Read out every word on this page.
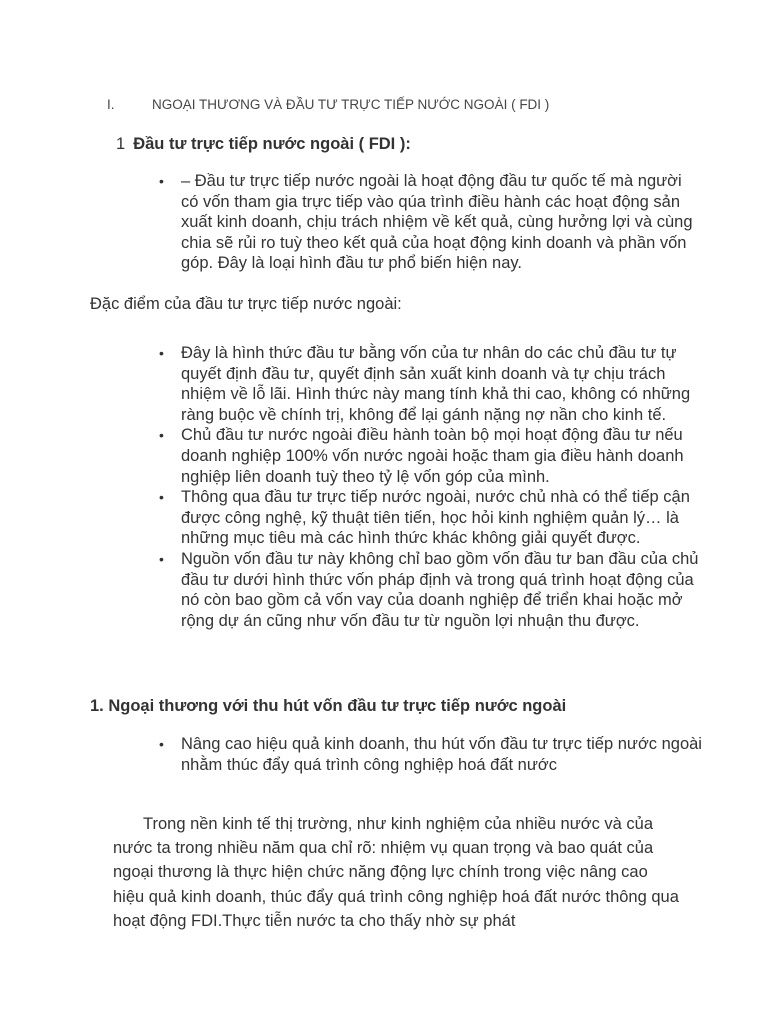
I.	NGOẠI THƯƠNG VÀ ĐẦU TƯ TRỰC TIẾP NƯỚC NGOÀI ( FDI )
1 Đầu tư trực tiếp nước ngoài ( FDI ):
• – Đầu tư trực tiếp nước ngoài là hoạt động đầu tư quốc tế mà người có vốn tham gia trực tiếp vào qúa trình điều hành các hoạt động sản xuất kinh doanh, chịu trách nhiệm về kết quả, cùng hưởng lợi và cùng chia sẽ rủi ro tuỳ theo kết quả của hoạt động kinh doanh và phần vốn góp. Đây là loại hình đầu tư phổ biến hiện nay.
Đặc điểm của đầu tư trực tiếp nước ngoài:
• Đây là hình thức đầu tư bằng vốn của tư nhân do các chủ đầu tư tự quyết định đầu tư, quyết định sản xuất kinh doanh và tự chịu trách nhiệm về lỗ lãi. Hình thức này mang tính khả thi cao, không có những ràng buộc về chính trị, không để lại gánh nặng nợ nần cho kinh tế.
• Chủ đầu tư nước ngoài điều hành toàn bộ mọi hoạt động đầu tư nếu doanh nghiệp 100% vốn nước ngoài hoặc tham gia điều hành doanh nghiệp liên doanh tuỳ theo tỷ lệ vốn góp của mình.
• Thông qua đầu tư trực tiếp nước ngoài, nước chủ nhà có thể tiếp cận được công nghệ, kỹ thuật tiên tiến, học hỏi kinh nghiệm quản lý… là những mục tiêu mà các hình thức khác không giải quyết được.
• Nguồn vốn đầu tư này không chỉ bao gồm vốn đầu tư ban đầu của chủ đầu tư dưới hình thức vốn pháp định và trong quá trình hoạt động của nó còn bao gồm cả vốn vay của doanh nghiệp để triển khai hoặc mở rộng dự án cũng như vốn đầu tư từ nguồn lợi nhuận thu được.
1. Ngoại thương với thu hút vốn đầu tư trực tiếp nước ngoài
• Nâng cao hiệu quả kinh doanh, thu hút vốn đầu tư trực tiếp nước ngoài nhằm thúc đẩy quá trình công nghiệp hoá đất nước

Trong nền kinh tế thị trường, như kinh nghiệm của nhiều nước và của nước ta trong nhiều năm qua chỉ rõ: nhiệm vụ quan trọng và bao quát của ngoại thương là thực hiện chức năng động lực chính trong việc nâng cao hiệu quả kinh doanh, thúc đẩy quá trình công nghiệp hoá đất nước thông qua hoạt động FDI.Thực tiễn nước ta cho thấy nhờ sự phát
